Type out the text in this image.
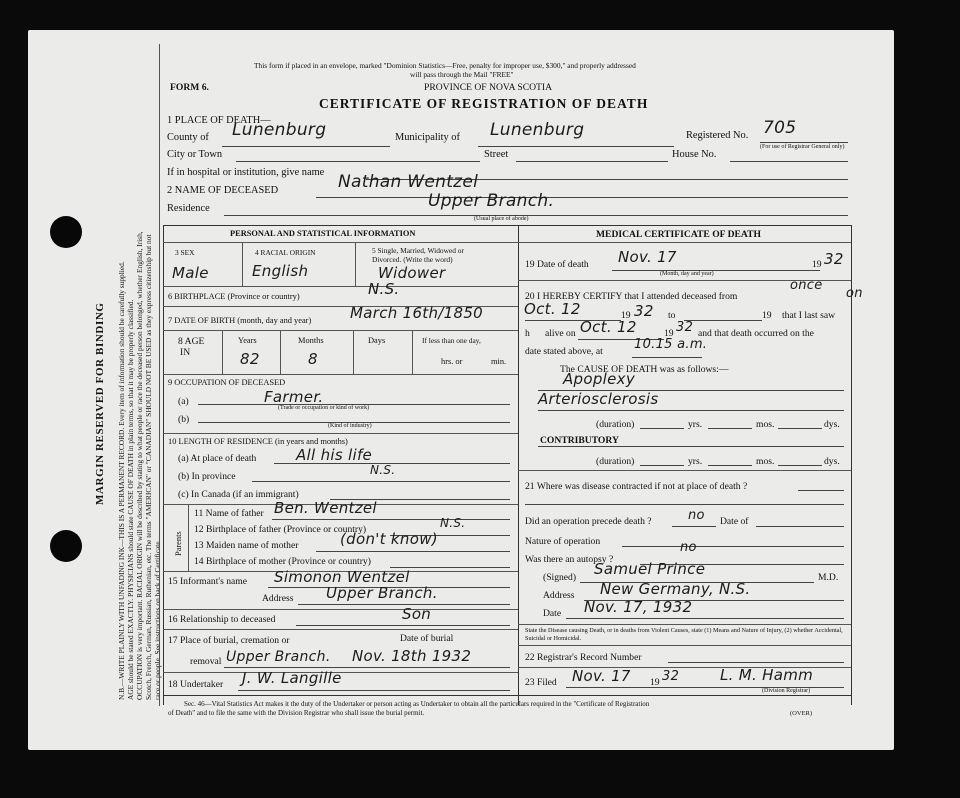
MARGIN RESERVED FOR BINDING N.B.—WRITE PLAINLY WITH UNFADING INK—THIS IS A PERMANENT RECORD. Every item of information should be carefully supplied. AGE should be stated EXACTLY. PHYSICIANS should state CAUSE OF DEATH in plain terms, so that it may be properly classified. OCCUPATION is very important. RACIAL ORIGIN will be described by stating to what people or race the deceased person belonged, whether English, Irish, Scotch, French, German, Russian, Ruthenian, etc. The terms "AMERICAN" or "CANADIAN" SHOULD NOT BE USED as they express citizenship but not race or people. See instructions on back of Certificate.
This form if placed in an envelope, marked "Dominion Statistics—Free, penalty for improper use, $300," and properly addressed
will pass through the Mail "FREE"
FORM 6.	PROVINCE OF NOVA SCOTIA
CERTIFICATE OF REGISTRATION OF DEATH
1 PLACE OF DEATH—
County of Lunenburg	Municipality of Lunenburg	Registered No. 705
(For use of Registrar General only)
City or Town	Street	House No.
If in hospital or institution, give name
2 NAME OF DECEASED	Nathan Wentzel
Residence	Upper Branch.
(Usual place of abode)
PERSONAL AND STATISTICAL INFORMATION
3 SEX	4 RACIAL ORIGIN	5 Single, Married, Widowed or
Divorced. (Write the word)
Male	English	Widower
6 BIRTHPLACE (Province or country)	N.S.
7 DATE OF BIRTH (month, day and year)	March 16th/1850
8 AGE
IN
Years
82
Months
8
Days	If less than one day,
hrs. or	min.
9 OCCUPATION OF DECEASED
(a)	Farmer.
(Trade or occupation or kind of work)
(b)
(Kind of industry)
10 LENGTH OF RESIDENCE (in years and months)
(a) At place of death	All his life
(b) In province	N.S.
(c) In Canada (if an immigrant)
Parents
11 Name of father Ben. Wentzel
12 Birthplace of father (Province or country)	N.S.
13 Maiden name of mother	(don't know)
14 Birthplace of mother (Province or country)
15 Informant's name Simonon Wentzel
Address Upper Branch.
16 Relationship to deceased	Son
17 Place of burial, cremation or
removal Upper Branch.
Date of burial
Nov. 18th 1932
18 Undertaker J. W. Langille
MEDICAL CERTIFICATE OF DEATH
19 Date of death Nov. 17	19 32
(Month, day and year)
20 I HEREBY CERTIFY that I attended deceased from
once
on
Oct. 12	19 32 to	19 that I last saw
h alive on Oct. 12	19 32 and that death occurred on the
date stated above, at 10.15 a.m.
The CAUSE OF DEATH was as follows:—
Apoplexy
Arteriosclerosis
(duration)	yrs.	mos.	dys.
CONTRIBUTORY
(duration)	yrs.	mos.	dys.
21 Where was disease contracted if not at place of death ?
Did an operation precede death ?	no Date of
Nature of operation
Was there an autopsy ?
no
(Signed) Samuel Prince	M.D.
Address New Germany, N.S.
Date Nov. 17, 1932
State the Disease causing Death, or in deaths from Violent Causes, state (1) Means and Nature of Injury, (2) whether Accidental, Suicidal or Homicidal.
22 Registrar's Record Number
23 Filed Nov. 17 19 32	L. M. Hamm
(Division Registrar)
Sec. 46—Vital Statistics Act makes it the duty of the Undertaker or person acting as Undertaker to obtain all the particulars required in the "Certificate of Registration
of Death" and to file the same with the Division Registrar who shall issue the burial permit.	(OVER)
